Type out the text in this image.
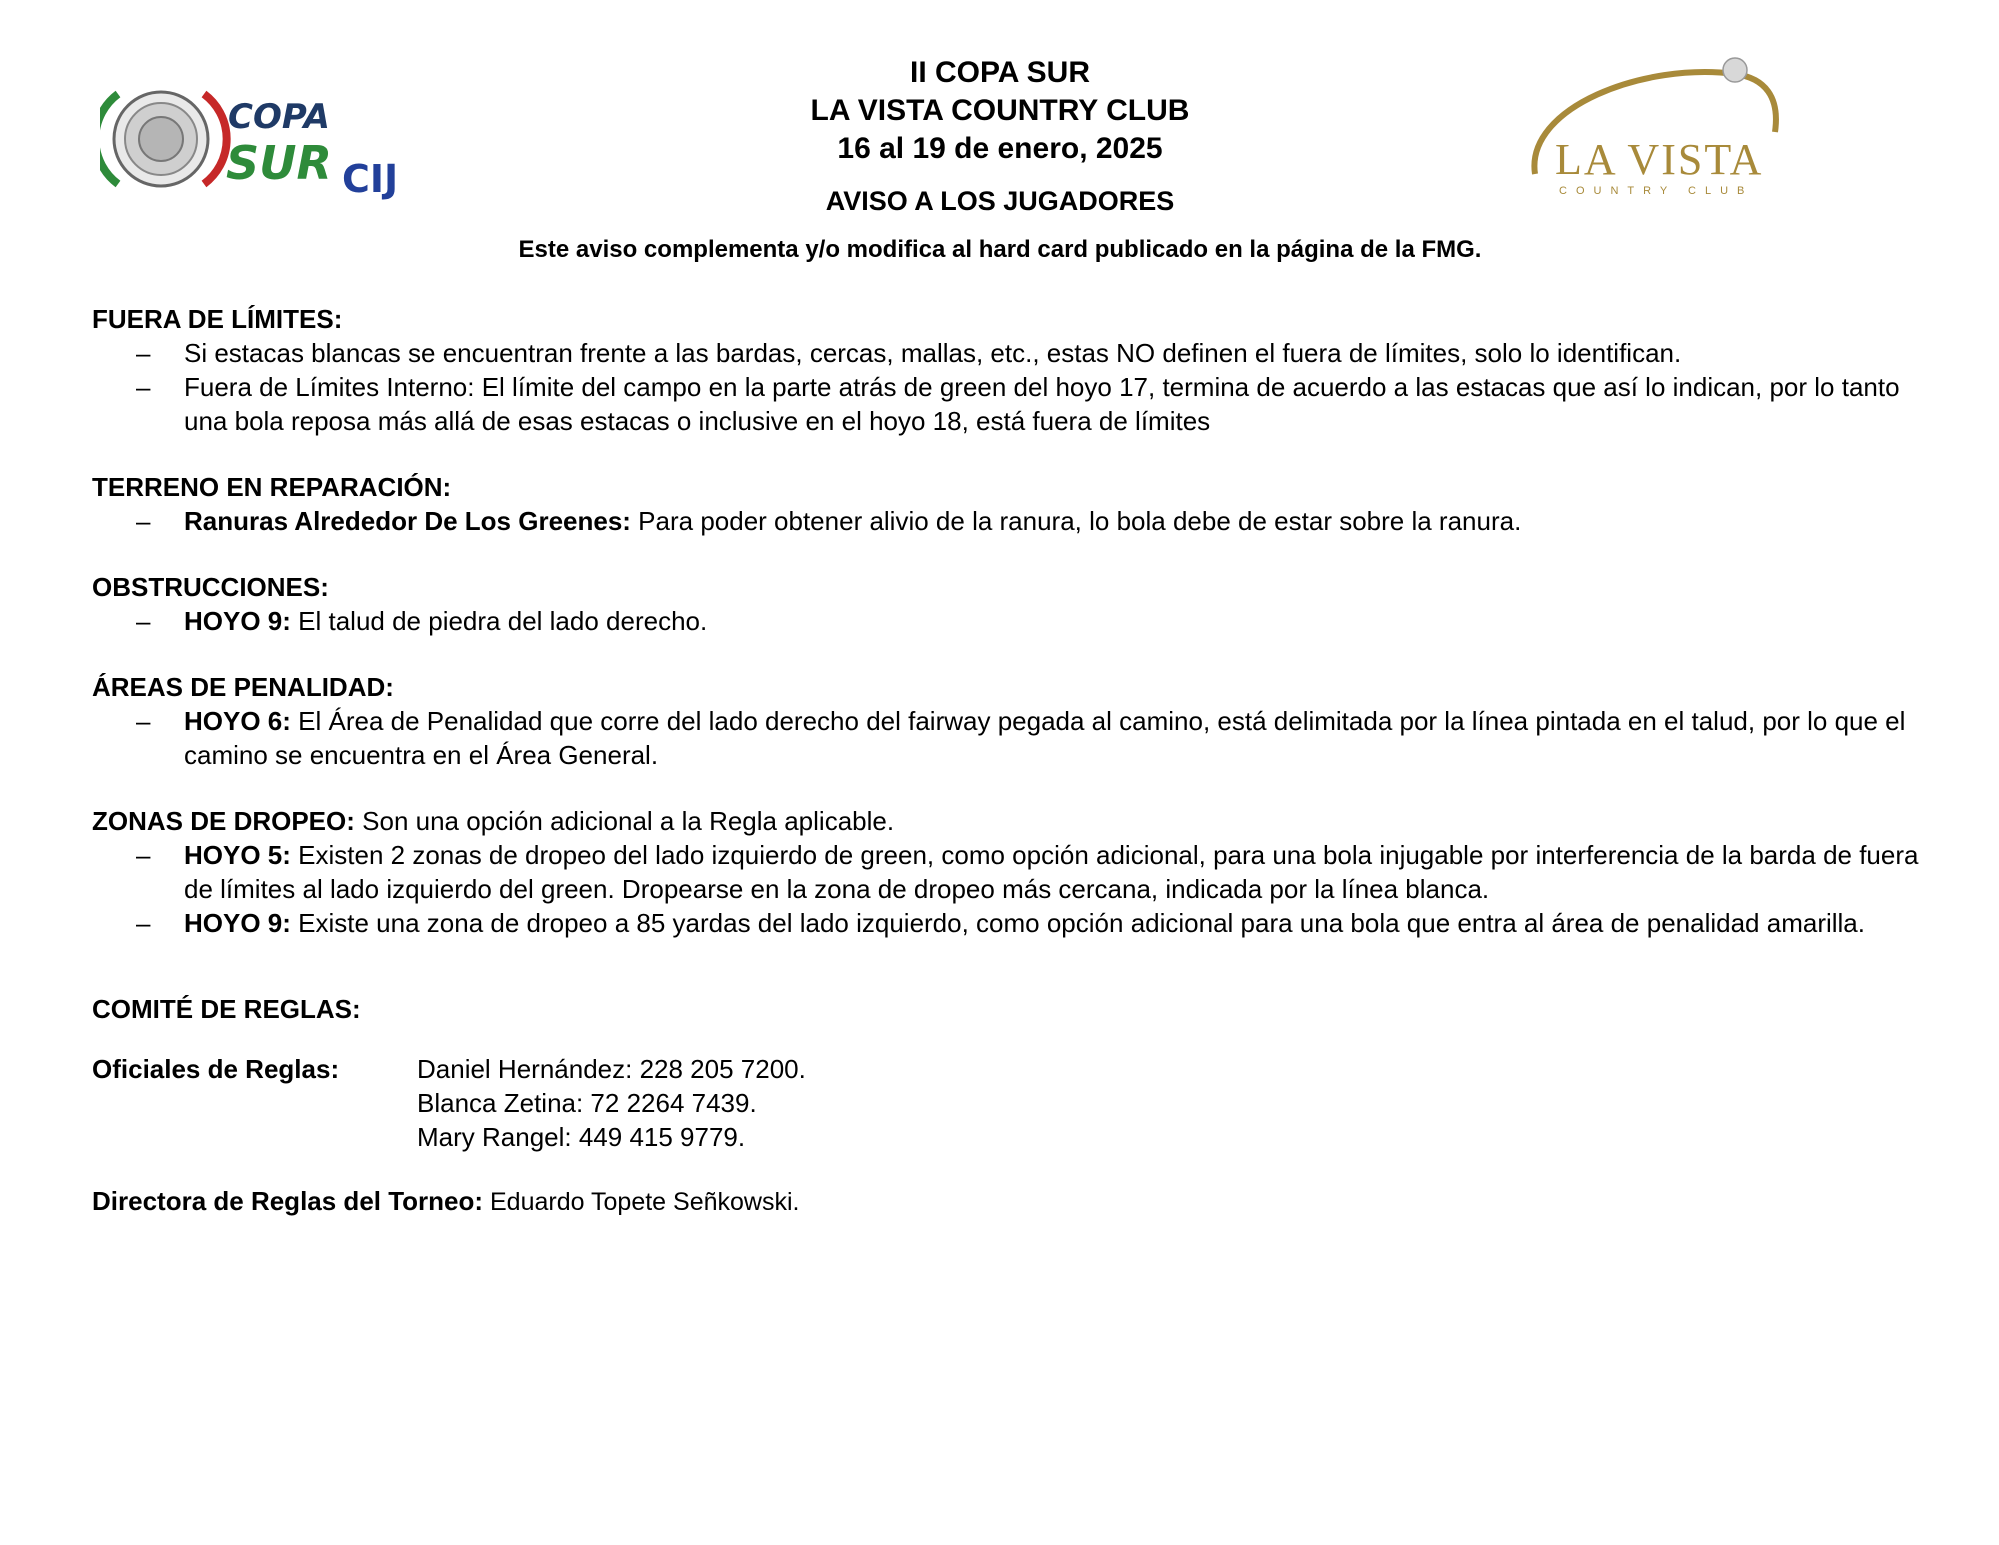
COPA
SUR CIJ
II COPA SUR
LA VISTA COUNTRY CLUB
16 al 19 de enero, 2025
AVISO A LOS JUGADORES
LA VISTA
COUNTRY CLUB
Este aviso complementa y/o modifica al hard card publicado en la página de la FMG.
FUERA DE LÍMITES:
– Si estacas blancas se encuentran frente a las bardas, cercas, mallas, etc., estas NO definen el fuera de límites, solo lo identifican.
– Fuera de Límites Interno: El límite del campo en la parte atrás de green del hoyo 17, termina de acuerdo a las estacas que así lo indican, por lo tanto una bola reposa más allá de esas estacas o inclusive en el hoyo 18, está fuera de límites
TERRENO EN REPARACIÓN:
– Ranuras Alrededor De Los Greenes: Para poder obtener alivio de la ranura, lo bola debe de estar sobre la ranura.
OBSTRUCCIONES:
– HOYO 9: El talud de piedra del lado derecho.
ÁREAS DE PENALIDAD:
– HOYO 6: El Área de Penalidad que corre del lado derecho del fairway pegada al camino, está delimitada por la línea pintada en el talud, por lo que el camino se encuentra en el Área General.
ZONAS DE DROPEO: Son una opción adicional a la Regla aplicable.
– HOYO 5: Existen 2 zonas de dropeo del lado izquierdo de green, como opción adicional, para una bola injugable por interferencia de la barda de fuera de límites al lado izquierdo del green. Dropearse en la zona de dropeo más cercana, indicada por la línea blanca.
– HOYO 9: Existe una zona de dropeo a 85 yardas del lado izquierdo, como opción adicional para una bola que entra al área de penalidad amarilla.
COMITÉ DE REGLAS:
Oficiales de Reglas:	Daniel Hernández: 228 205 7200.
Blanca Zetina: 72 2264 7439.
Mary Rangel: 449 415 9779.
Directora de Reglas del Torneo: Eduardo Topete Señkowski.
